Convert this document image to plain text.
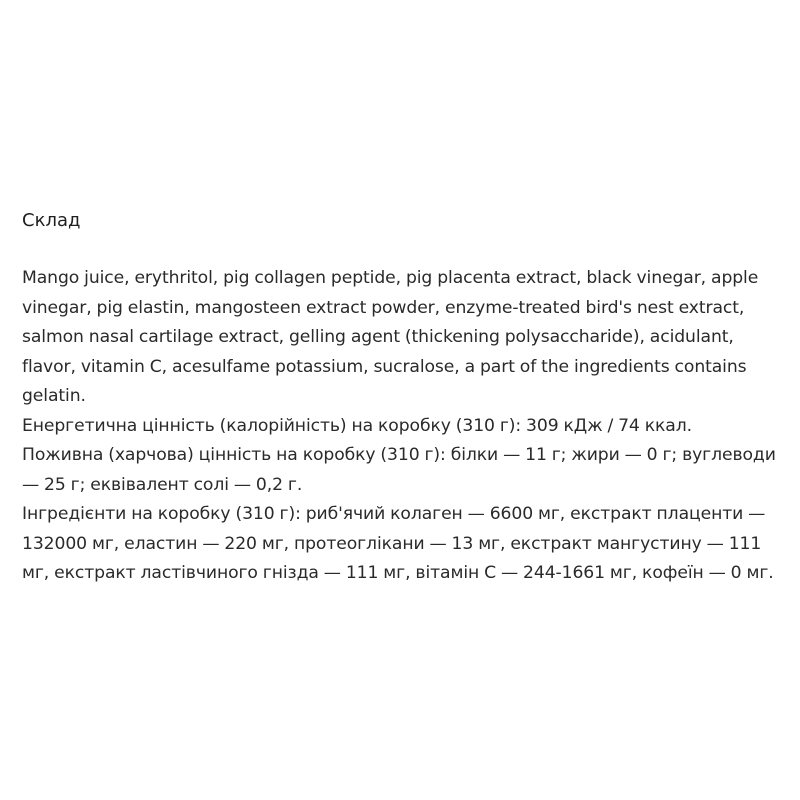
Склад

Mango juice, erythritol, pig collagen peptide, pig placenta extract, black vinegar, apple vinegar, pig elastin, mangosteen extract powder, enzyme-treated bird's nest extract, salmon nasal cartilage extract, gelling agent (thickening polysaccharide), acidulant, flavor, vitamin C, acesulfame potassium, sucralose, a part of the ingredients contains gelatin.

Енергетична цінність (калорійність) на коробку (310 г): 309 кДж / 74 ккал.

Поживна (харчова) цінність на коробку (310 г): білки — 11 г; жири — 0 г; вуглеводи — 25 г; еквівалент солі — 0,2 г.

Інгредієнти на коробку (310 г): риб'ячий колаген — 6600 мг, екстракт плаценти — 132000 мг, еластин — 220 мг, протеоглікани — 13 мг, екстракт мангустину — 111 мг, екстракт ластівчиного гнізда — 111 мг, вітамін С — 244-1661 мг, кофеїн — 0 мг.
